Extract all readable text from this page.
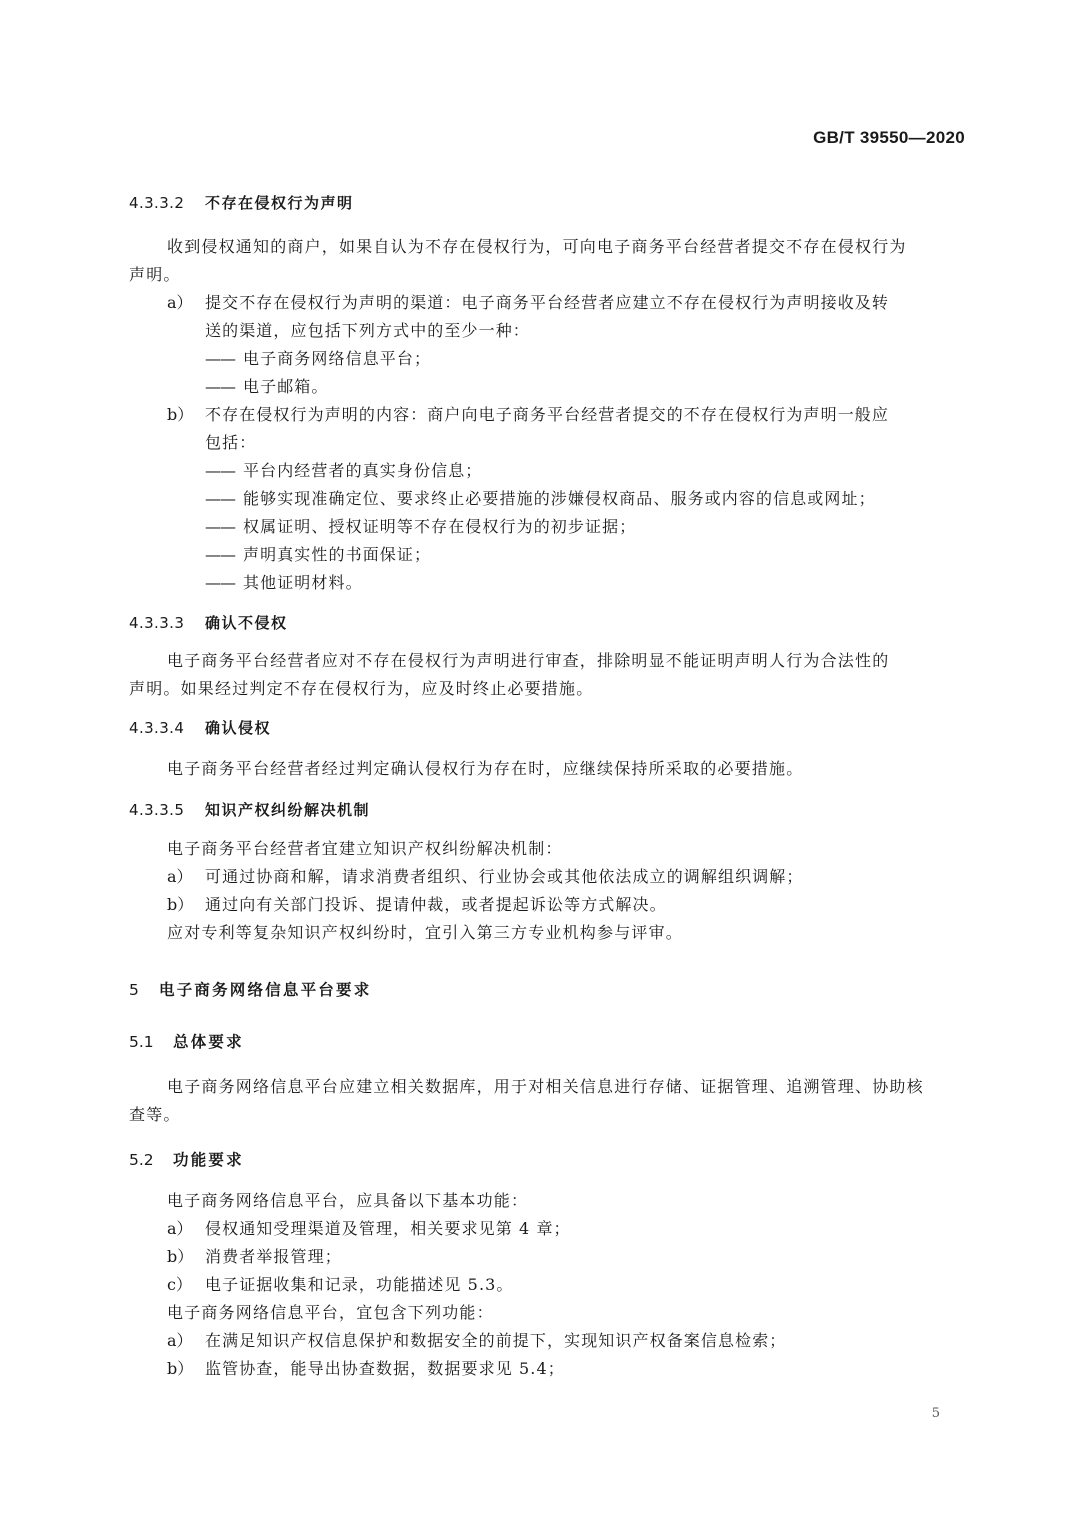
GB/T 39550—2020
4.3.3.2 不存在侵权行为声明
收到侵权通知的商户，如果自认为不存在侵权行为，可向电子商务平台经营者提交不存在侵权行为
声明。
a） 提交不存在侵权行为声明的渠道：电子商务平台经营者应建立不存在侵权行为声明接收及转
送的渠道，应包括下列方式中的至少一种：
—— 电子商务网络信息平台；
—— 电子邮箱。
b） 不存在侵权行为声明的内容：商户向电子商务平台经营者提交的不存在侵权行为声明一般应
包括：
—— 平台内经营者的真实身份信息；
—— 能够实现准确定位、要求终止必要措施的涉嫌侵权商品、服务或内容的信息或网址；
—— 权属证明、授权证明等不存在侵权行为的初步证据；
—— 声明真实性的书面保证；
—— 其他证明材料。
4.3.3.3 确认不侵权
电子商务平台经营者应对不存在侵权行为声明进行审查，排除明显不能证明声明人行为合法性的
声明。如果经过判定不存在侵权行为，应及时终止必要措施。
4.3.3.4 确认侵权
电子商务平台经营者经过判定确认侵权行为存在时，应继续保持所采取的必要措施。
4.3.3.5 知识产权纠纷解决机制
电子商务平台经营者宜建立知识产权纠纷解决机制：
a） 可通过协商和解，请求消费者组织、行业协会或其他依法成立的调解组织调解；
b） 通过向有关部门投诉、提请仲裁，或者提起诉讼等方式解决。
应对专利等复杂知识产权纠纷时，宜引入第三方专业机构参与评审。
5 电子商务网络信息平台要求
5.1 总体要求
电子商务网络信息平台应建立相关数据库，用于对相关信息进行存储、证据管理、追溯管理、协助核
查等。
5.2 功能要求
电子商务网络信息平台，应具备以下基本功能：
a） 侵权通知受理渠道及管理，相关要求见第 4 章；
b） 消费者举报管理；
c） 电子证据收集和记录，功能描述见 5.3。
电子商务网络信息平台，宜包含下列功能：
a） 在满足知识产权信息保护和数据安全的前提下，实现知识产权备案信息检索；
b） 监管协查，能导出协查数据，数据要求见 5.4；
5
